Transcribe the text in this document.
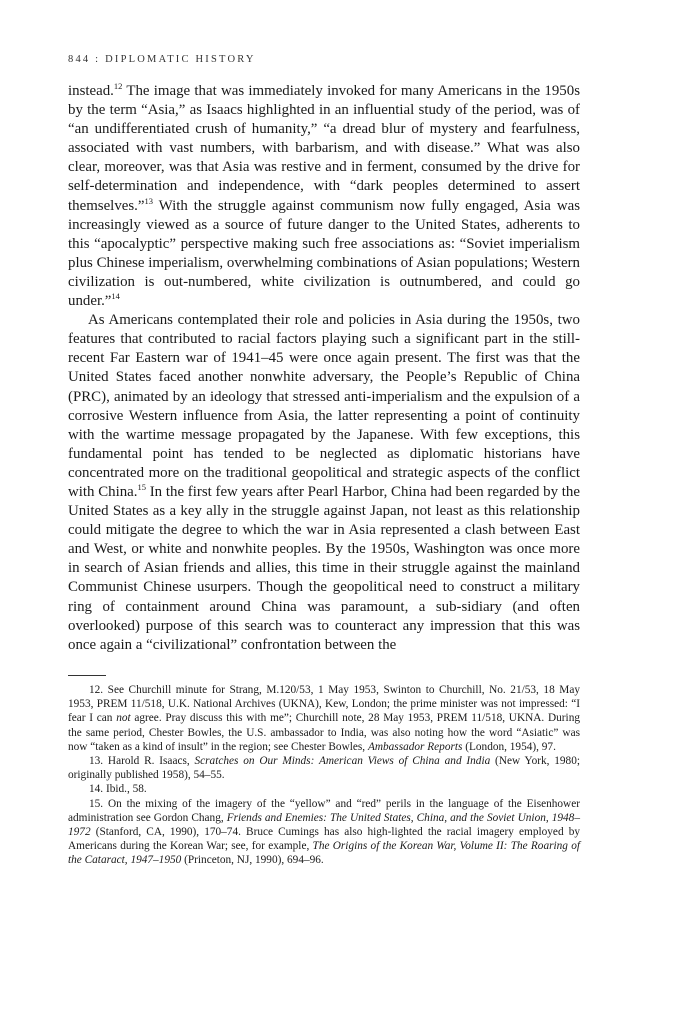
844 : DIPLOMATIC HISTORY

instead.$^{12}$ The image that was immediately invoked for many Americans in the 1950s by the term “Asia,” as Isaacs highlighted in an influential study of the period, was of “an undifferentiated crush of humanity,” “a dread blur of mystery and fearfulness, associated with vast numbers, with barbarism, and with disease.” What was also clear, moreover, was that Asia was restive and in ferment, consumed by the drive for self-determination and independence, with “dark peoples determined to assert themselves.”$^{13}$ With the struggle against communism now fully engaged, Asia was increasingly viewed as a source of future danger to the United States, adherents to this “apocalyptic” perspective making such free associations as: “Soviet imperialism plus Chinese imperialism, overwhelming combinations of Asian populations; Western civilization is out-numbered, white civilization is outnumbered, and could go under.”$^{14}$

As Americans contemplated their role and policies in Asia during the 1950s, two features that contributed to racial factors playing such a significant part in the still-recent Far Eastern war of 1941–45 were once again present. The first was that the United States faced another nonwhite adversary, the People’s Republic of China (PRC), animated by an ideology that stressed anti-imperialism and the expulsion of a corrosive Western influence from Asia, the latter representing a point of continuity with the wartime message propagated by the Japanese. With few exceptions, this fundamental point has tended to be neglected as diplomatic historians have concentrated more on the traditional geopolitical and strategic aspects of the conflict with China.$^{15}$ In the first few years after Pearl Harbor, China had been regarded by the United States as a key ally in the struggle against Japan, not least as this relationship could mitigate the degree to which the war in Asia represented a clash between East and West, or white and nonwhite peoples. By the 1950s, Washington was once more in search of Asian friends and allies, this time in their struggle against the mainland Communist Chinese usurpers. Though the geopolitical need to construct a military ring of containment around China was paramount, a sub-sidiary (and often overlooked) purpose of this search was to counteract any impression that this was once again a “civilizational” confrontation between the

12. See Churchill minute for Strang, M.120/53, 1 May 1953, Swinton to Churchill, No. 21/53, 18 May 1953, PREM 11/518, U.K. National Archives (UKNA), Kew, London; the prime minister was not impressed: “I fear I can not agree. Pray discuss this with me”; Churchill note, 28 May 1953, PREM 11/518, UKNA. During the same period, Chester Bowles, the U.S. ambassador to India, was also noting how the word “Asiatic” was now “taken as a kind of insult” in the region; see Chester Bowles, Ambassador Reports (London, 1954), 97.

13. Harold R. Isaacs, Scratches on Our Minds: American Views of China and India (New York, 1980; originally published 1958), 54–55.

14. Ibid., 58.

15. On the mixing of the imagery of the “yellow” and “red” perils in the language of the Eisenhower administration see Gordon Chang, Friends and Enemies: The United States, China, and the Soviet Union, 1948–1972 (Stanford, CA, 1990), 170–74. Bruce Cumings has also high-lighted the racial imagery employed by Americans during the Korean War; see, for example, The Origins of the Korean War, Volume II: The Roaring of the Cataract, 1947–1950 (Princeton, NJ, 1990), 694–96.
